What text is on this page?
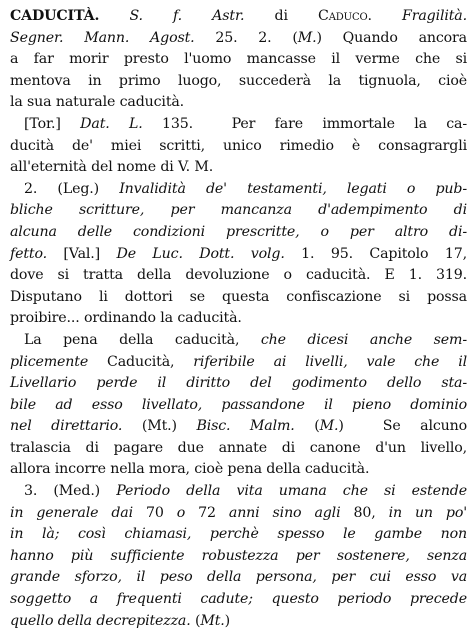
CADUCITÀ. S. f. Astr. di Caduco. Fragilità.
Segner. Mann. Agost. 25. 2. (M.) Quando ancora
a far morir presto l'uomo mancasse il verme che si
mentova in primo luogo, succederà la tignuola, cioè
la sua naturale caducità.
[Tor.] Dat. L. 135.  Per fare immortale la ca-
ducità de' miei scritti, unico rimedio è consagrargli
all'eternità del nome di V. M.
2. (Leg.) Invalidità de' testamenti, legati o pub-
bliche scritture, per mancanza d'adempimento di
alcuna delle condizioni prescritte, o per altro di-
fetto. [Val.] De Luc. Dott. volg. 1. 95. Capitolo 17,
dove si tratta della devoluzione o caducità. E 1. 319.
Disputano li dottori se questa confiscazione si possa
proibire... ordinando la caducità.
La pena della caducità, che dicesi anche sem-
plicemente Caducità, riferibile ai livelli, vale che il
Livellario perde il diritto del godimento dello sta-
bile ad esso livellato, passandone il pieno dominio
nel direttario. (Mt.) Bisc. Malm. (M.)  Se alcuno
tralascia di pagare due annate di canone d'un livello,
allora incorre nella mora, cioè pena della caducità.
3. (Med.) Periodo della vita umana che si estende
in generale dai 70 o 72 anni sino agli 80, in un po'
in là; così chiamasi, perchè spesso le gambe non
hanno più sufficiente robustezza per sostenere, senza
grande sforzo, il peso della persona, per cui esso va
soggetto a frequenti cadute; questo periodo precede
quello della decrepitezza. (Mt.)
